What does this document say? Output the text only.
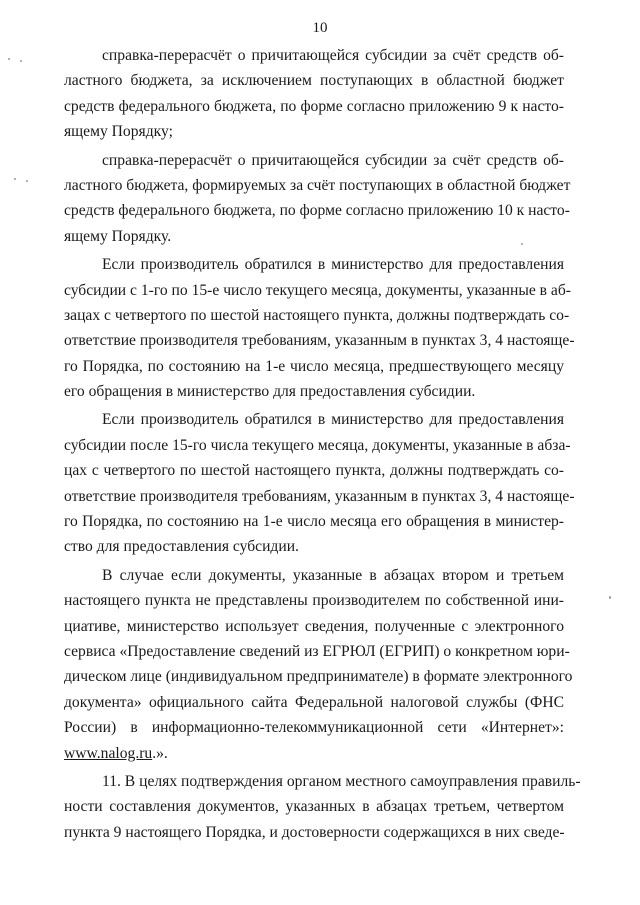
10
справка-перерасчёт о причитающейся субсидии за счёт средств об-
ластного бюджета, за исключением поступающих в областной бюджет
средств федерального бюджета, по форме согласно приложению 9 к насто-
ящему Порядку;
справка-перерасчёт о причитающейся субсидии за счёт средств об-
ластного бюджета, формируемых за счёт поступающих в областной бюджет
средств федерального бюджета, по форме согласно приложению 10 к насто-
ящему Порядку.
Если производитель обратился в министерство для предоставления
субсидии с 1-го по 15-е число текущего месяца, документы, указанные в аб-
зацах с четвертого по шестой настоящего пункта, должны подтверждать со-
ответствие производителя требованиям, указанным в пунктах 3, 4 настояще-
го Порядка, по состоянию на 1-е число месяца, предшествующего месяцу
его обращения в министерство для предоставления субсидии.
Если производитель обратился в министерство для предоставления
субсидии после 15-го числа текущего месяца, документы, указанные в абза-
цах с четвертого по шестой настоящего пункта, должны подтверждать со-
ответствие производителя требованиям, указанным в пунктах 3, 4 настояще-
го Порядка, по состоянию на 1-е число месяца его обращения в министер-
ство для предоставления субсидии.
В случае если документы, указанные в абзацах втором и третьем
настоящего пункта не представлены производителем по собственной ини-
циативе, министерство использует сведения, полученные с электронного
сервиса «Предоставление сведений из ЕГРЮЛ (ЕГРИП) о конкретном юри-
дическом лице (индивидуальном предпринимателе) в формате электронного
документа» официального сайта Федеральной налоговой службы (ФНС
России) в информационно-телекоммуникационной сети «Интернет»:
www.nalog.ru.».
11. В целях подтверждения органом местного самоуправления правиль-
ности составления документов, указанных в абзацах третьем, четвертом
пункта 9 настоящего Порядка, и достоверности содержащихся в них сведе-
